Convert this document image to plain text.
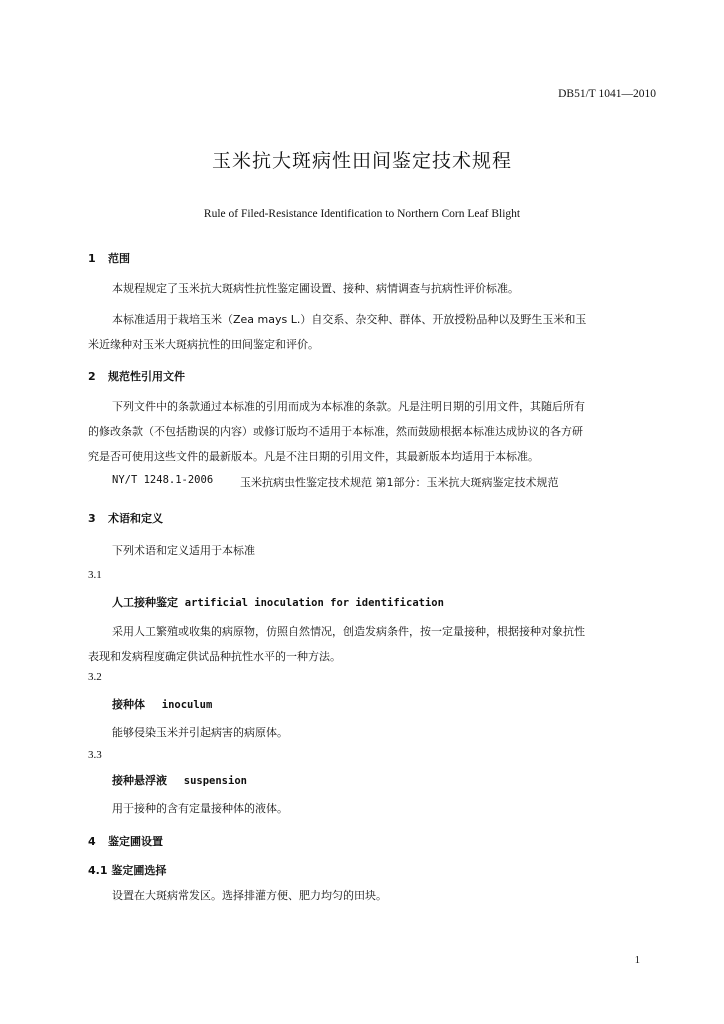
DB51/T 1041—2010
玉米抗大斑病性田间鉴定技术规程
Rule of Filed-Resistance Identification to Northern Corn Leaf Blight
1 范围
本规程规定了玉米抗大斑病性抗性鉴定圃设置、接种、病情调查与抗病性评价标准。
本标准适用于栽培玉米（Zea mays L.）自交系、杂交种、群体、开放授粉品种以及野生玉米和玉
米近缘种对玉米大斑病抗性的田间鉴定和评价。
2 规范性引用文件
下列文件中的条款通过本标准的引用而成为本标准的条款。凡是注明日期的引用文件，其随后所有
的修改条款（不包括勘误的内容）或修订版均不适用于本标准，然而鼓励根据本标准达成协议的各方研
究是否可使用这些文件的最新版本。凡是不注日期的引用文件，其最新版本均适用于本标准。
NY/T 1248.1-2006 玉米抗病虫性鉴定技术规范 第1部分：玉米抗大斑病鉴定技术规范
3 术语和定义
下列术语和定义适用于本标准
3.1
人工接种鉴定 artificial inoculation for identification
采用人工繁殖或收集的病原物，仿照自然情况，创造发病条件，按一定量接种，根据接种对象抗性
表现和发病程度确定供试品种抗性水平的一种方法。
3.2
接种体 inoculum
能够侵染玉米并引起病害的病原体。
3.3
接种悬浮液 suspension
用于接种的含有定量接种体的液体。
4 鉴定圃设置
4.1 鉴定圃选择
设置在大斑病常发区。选择排灌方便、肥力均匀的田块。
1
